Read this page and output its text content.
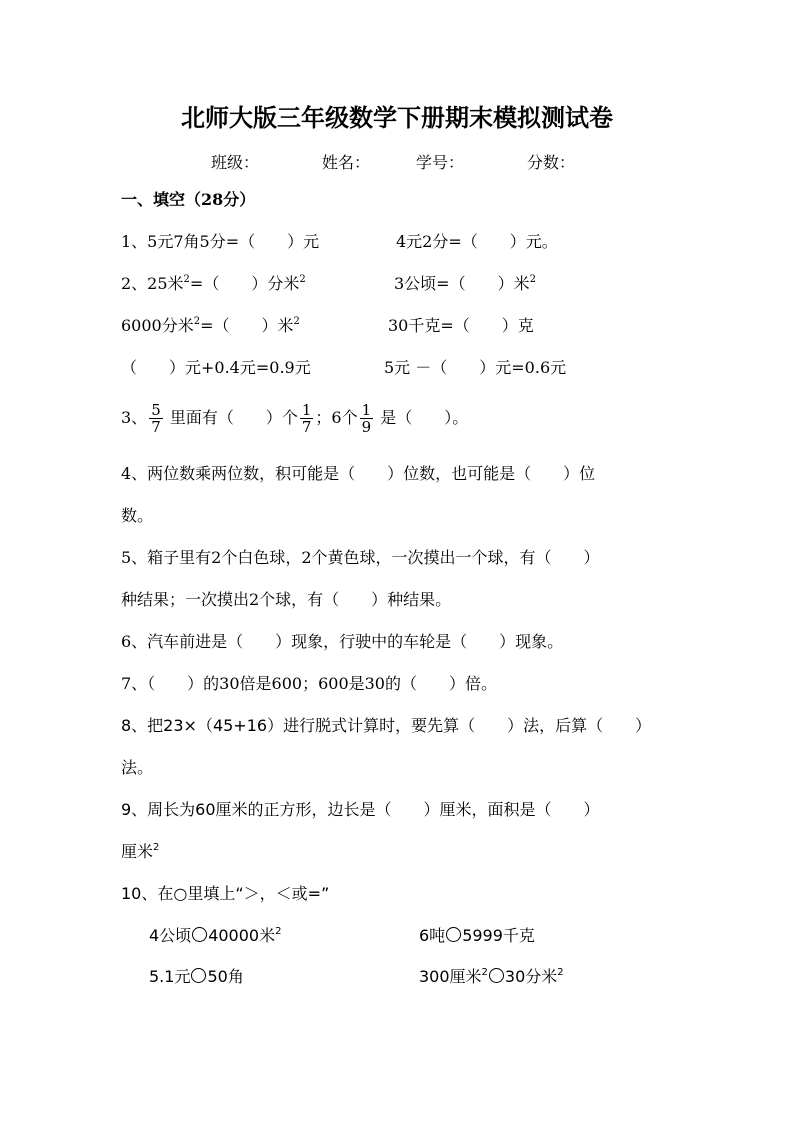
北师大版三年级数学下册期末模拟测试卷
班级：	姓名：	学号：	分数：
一、填空（28分）
1、5元7角5分=（　　）元	4元2分=（　　）元。
2、25米$^2$=（　　）分米$^2$	3公顷=（　　）米$^2$
6000分米$^2$=（　　）米$^2$	30千克=（　　）克
（　　）元+0.4元=0.9元	5元 －（　　）元=0.6元
3、 $\frac{5}{7}$ 里面有（　　）个 $\frac{1}{7}$ ；6个 $\frac{1}{9}$ 是（　　）。
4、两位数乘两位数，积可能是（　　）位数，也可能是（　　）位
数。
5、箱子里有2个白色球，2个黄色球，一次摸出一个球，有（　　）
种结果；一次摸出2个球，有（　　）种结果。
6、汽车前进是（　　）现象，行驶中的车轮是（　　）现象。
7、（　　）的30倍是600；600是30的（　　）倍。
8、把23×（45+16）进行脱式计算时，要先算（　　）法，后算（　　）
法。
9、周长为60厘米的正方形，边长是（　　）厘米，面积是（　　）
厘米$^2$
10、在○里填上“＞，＜或=”
4公顷 40000米$^2$	6吨 5999千克
5.1元 50角	300厘米$^2$ 30分米$^2$
